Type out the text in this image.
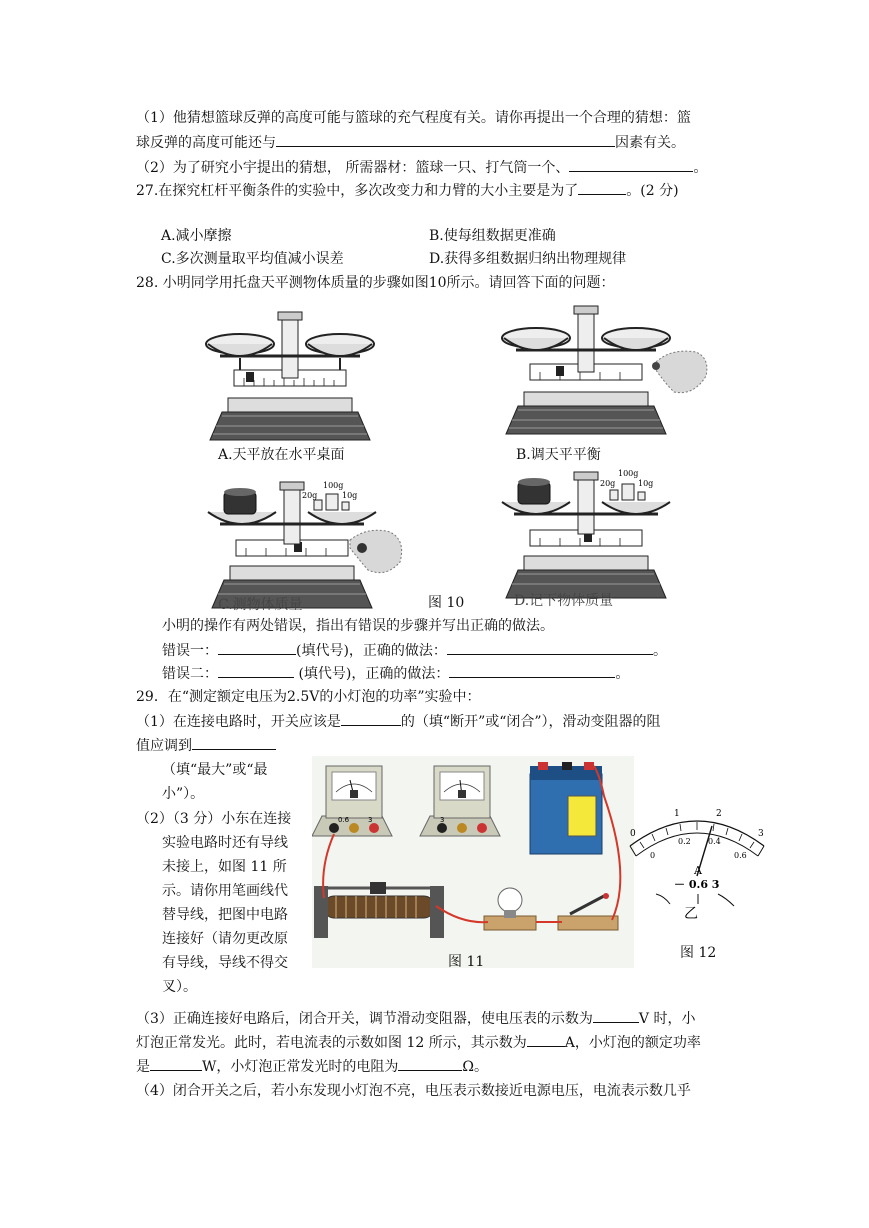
（1）他猜想篮球反弹的高度可能与篮球的充气程度有关。请你再提出一个合理的猜想：篮
球反弹的高度可能还与	因素有关。
（2）为了研究小宇提出的猜想， 所需器材：篮球一只、打气筒一个、	。
27.在探究杠杆平衡条件的实验中，多次改变力和力臂的大小主要是为了	。(2 分)
A.减小摩擦	B.使每组数据更准确
C.多次测量取平均值减小误差	D.获得多组数据归纳出物理规律
28. 小明同学用托盘天平测物体质量的步骤如图10所示。请回答下面的问题：
A.天平放在水平桌面	B.调天平平衡
100g
20g	10g
C.测物体质量
100g
20g	10g
D.记下物体质量
图 10
小明的操作有两处错误，指出有错误的步骤并写出正确的做法。
错误一：	(填代号)，正确的做法：	。
错误二：	(填代号)，正确的做法：	。
29．在“测定额定电压为2.5V的小灯泡的功率”实验中：
（1）在连接电路时，开关应该是	的（填“断开”或“闭合”），滑动变阻器的阻
值应调到
（填“最大”或“最
小”）。
（2）（3 分）小东在连接
实验电路时还有导线
未接上，如图 11 所
示。请你用笔画线代
替导线，把图中电路
连接好（请勿更改原
有导线，导线不得交
叉）。
3
0.6	3
图 11
0
1	2
3
0
0.2 0.4
0.6
A
－ 0.6 3
乙
图 12
（3）正确连接好电路后，闭合开关，调节滑动变阻器，使电压表的示数为	V 时，小
灯泡正常发光。此时，若电流表的示数如图 12 所示，其示数为	A，小灯泡的额定功率
是	W，小灯泡正常发光时的电阻为	Ω。
（4）闭合开关之后，若小东发现小灯泡不亮，电压表示数接近电源电压，电流表示数几乎
